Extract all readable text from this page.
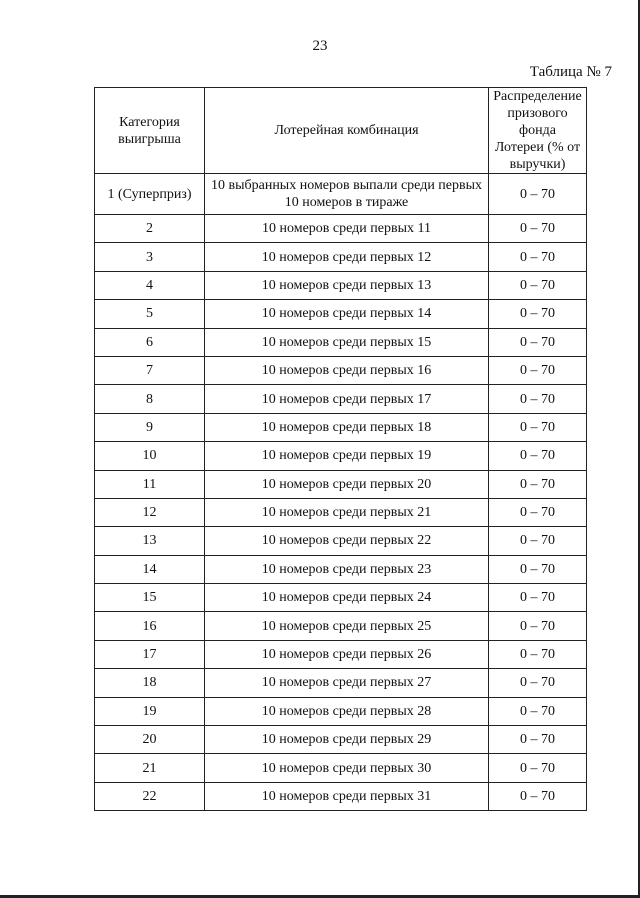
23
Таблица № 7
Категория выигрыша	Лотерейная комбинация	Распределение призового фонда Лотереи (% от выручки)
1 (Суперприз)	10 выбранных номеров выпали среди первых 10 номеров в тираже	0 – 70
2	10 номеров среди первых 11	0 – 70
3	10 номеров среди первых 12	0 – 70
4	10 номеров среди первых 13	0 – 70
5	10 номеров среди первых 14	0 – 70
6	10 номеров среди первых 15	0 – 70
7	10 номеров среди первых 16	0 – 70
8	10 номеров среди первых 17	0 – 70
9	10 номеров среди первых 18	0 – 70
10	10 номеров среди первых 19	0 – 70
11	10 номеров среди первых 20	0 – 70
12	10 номеров среди первых 21	0 – 70
13	10 номеров среди первых 22	0 – 70
14	10 номеров среди первых 23	0 – 70
15	10 номеров среди первых 24	0 – 70
16	10 номеров среди первых 25	0 – 70
17	10 номеров среди первых 26	0 – 70
18	10 номеров среди первых 27	0 – 70
19	10 номеров среди первых 28	0 – 70
20	10 номеров среди первых 29	0 – 70
21	10 номеров среди первых 30	0 – 70
22	10 номеров среди первых 31	0 – 70
